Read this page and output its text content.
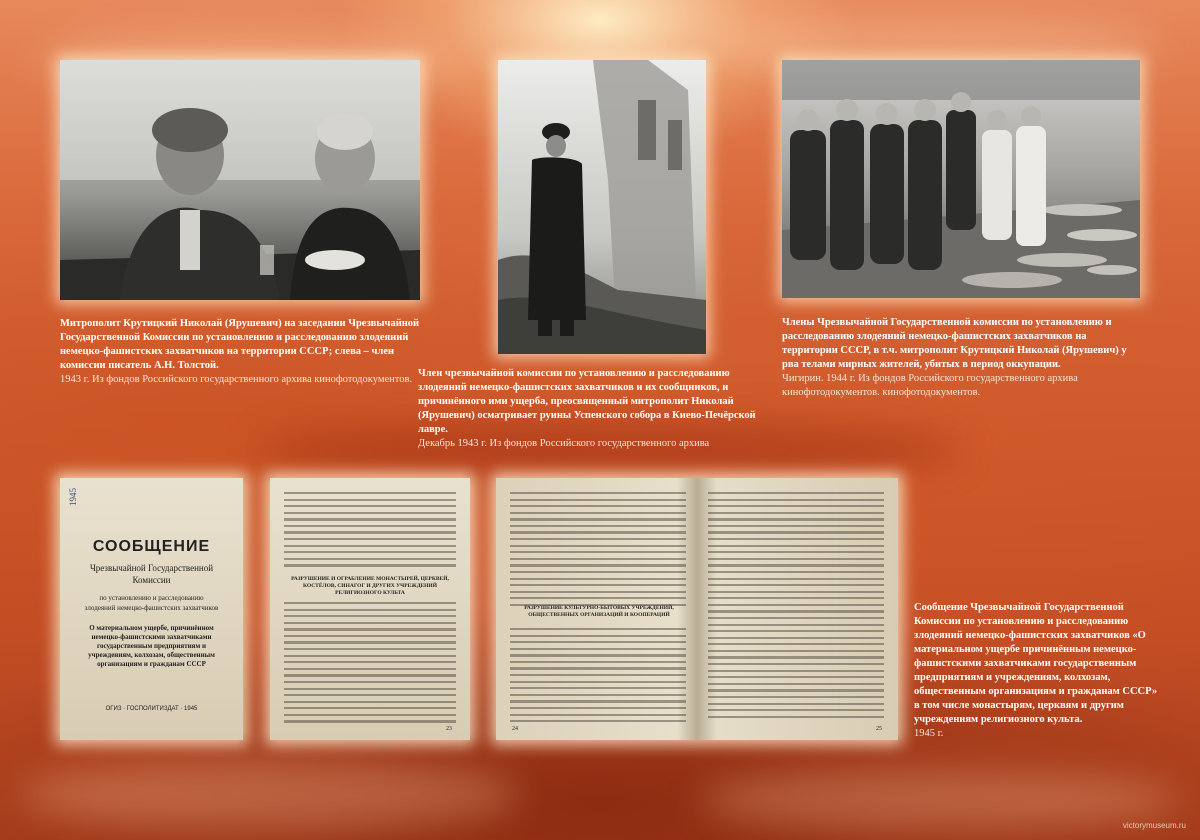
Митрополит Крутицкий Николай (Ярушевич) на заседании Чрезвычайной Государственной Комиссии по установлению и расследованию злодеяний немецко-фашистских захватчиков на территории СССР; слева – член комиссии писатель А.Н. Толстой.
1943 г. Из фондов Российского государственного архива кинофотодокументов.
Член чрезвычайной комиссии по установлению и расследованию злодеяний немецко-фашистских захватчиков и их сообщников, и причинённого ими ущерба, преосвященный митрополит Николай (Ярушевич) осматривает руины Успенского собора в Киево-Печёрской лавре.
Декабрь 1943 г. Из фондов Российского государственного архива
Члены Чрезвычайной Государственной комиссии по установлению и расследованию злодеяний немецко-фашистских захватчиков на территории СССР, в т.ч. митрополит Крутицкий Николай (Ярушевич) у рва телами мирных жителей, убитых в период оккупации.
Чигирин. 1944 г. Из фондов Российского государственного архива кинофотодокументов. кинофотодокументов.
1945
СООБЩЕНИЕ
Чрезвычайной Государственной
Комиссии
по установлению и расследованию
злодеяний немецко-фашистских захватчиков
О материальном ущербе, причинённом немецко-фашистскими захватчиками государственным предприятиям и учреждениям, колхозам, общественным организациям и гражданам СССР
ОГИЗ · ГОСПОЛИТИЗДАТ · 1945
РАЗРУШЕНИЕ И ОГРАБЛЕНИЕ МОНАСТЫРЕЙ, ЦЕРКВЕЙ, КОСТЁЛОВ, СИНАГОГ И ДРУГИХ УЧРЕЖДЕНИЙ РЕЛИГИОЗНОГО КУЛЬТА
23
РАЗРУШЕНИЕ КУЛЬТУРНО-БЫТОВЫХ УЧРЕЖДЕНИЙ, ОБЩЕСТВЕННЫХ ОРГАНИЗАЦИЙ И КООПЕРАЦИЙ
24	25
Сообщение Чрезвычайной Государственной Комиссии по установлению и расследованию злодеяний немецко-фашистских захватчиков «О материальном ущербе причинённым немецко-фашистскими захватчиками государственным предприятиям и учреждениям, колхозам, общественным организациям и гражданам СССР» в том числе монастырям, церквям и другим учреждениям религиозного культа.
1945 г.
victorymuseum.ru
